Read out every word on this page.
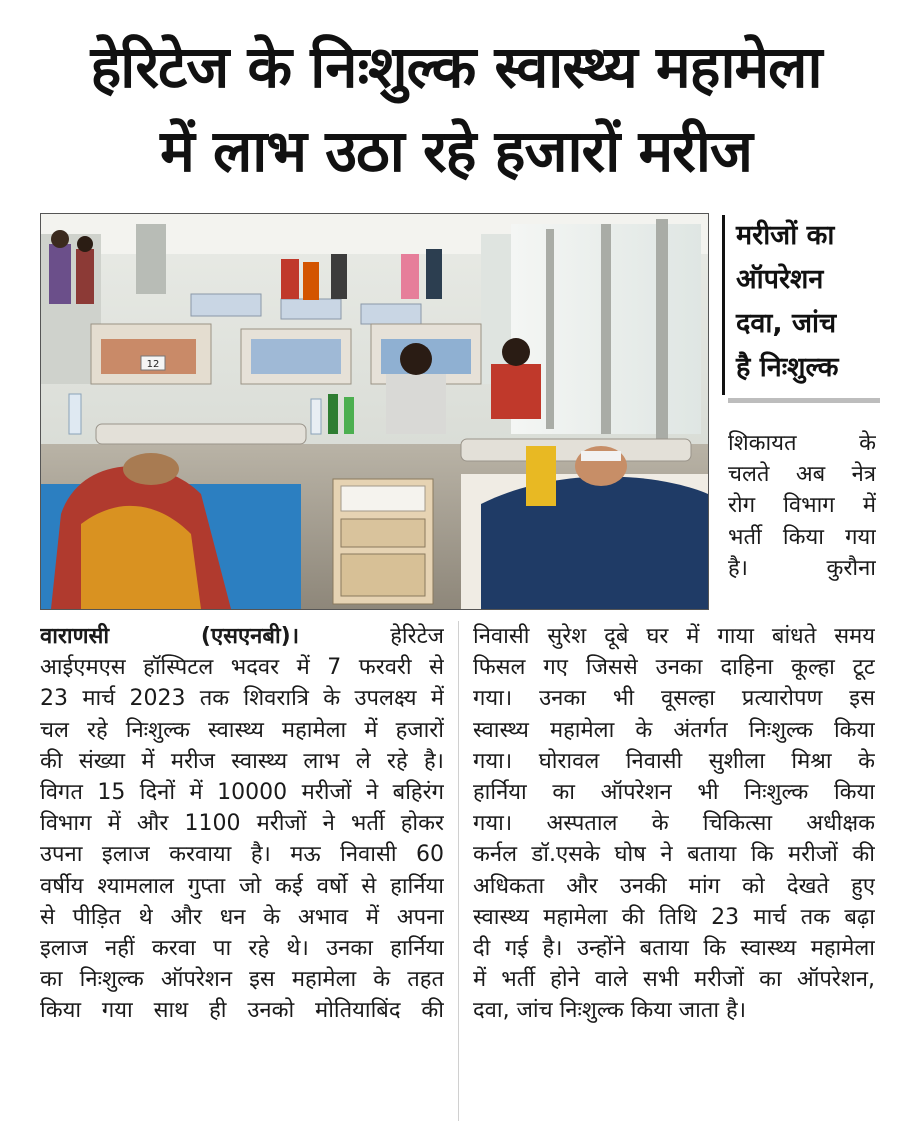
हेरिटेज के निःशुल्क स्वास्थ्य महामेला
में लाभ उठा रहे हजारों मरीज
12
मरीजों का
ऑपरेशन
दवा, जांच
है निःशुल्क
शिकायत के
चलते अब नेत्र
रोग विभाग में
भर्ती किया गया
है। कुरौना
वाराणसी (एसएनबी)।	हेरिटेज
आईएमएस हॉस्पिटल भदवर में 7 फरवरी से
23 मार्च 2023 तक शिवरात्रि के उपलक्ष्य में
चल रहे निःशुल्क स्वास्थ्य महामेला में हजारों
की संख्या में मरीज स्वास्थ्य लाभ ले रहे है।
विगत 15 दिनों में 10000 मरीजों ने बहिरंग
विभाग में और 1100 मरीजों ने भर्ती होकर
उपना इलाज करवाया है। मऊ निवासी 60
वर्षीय श्यामलाल गुप्ता जो कई वर्षो से हार्निया
से पीड़ित थे और धन के अभाव में अपना
इलाज नहीं करवा पा रहे थे। उनका हार्निया
का निःशुल्क ऑपरेशन इस महामेला के तहत
किया गया साथ ही उनको मोतियाबिंद की
निवासी सुरेश दूबे घर में गाया बांधते समय
फिसल गए जिससे उनका दाहिना कूल्हा टूट
गया। उनका भी वूसल्हा प्रत्यारोपण इस
स्वास्थ्य महामेला के अंतर्गत निःशुल्क किया
गया। घोरावल निवासी सुशीला मिश्रा के
हार्निया का ऑपरेशन भी निःशुल्क किया
गया। अस्पताल के चिकित्सा अधीक्षक
कर्नल डॉ.एसके घोष ने बताया कि मरीजों की
अधिकता और उनकी मांग को देखते हुए
स्वास्थ्य महामेला की तिथि 23 मार्च तक बढ़ा
दी गई है। उन्होंने बताया कि स्वास्थ्य महामेला
में भर्ती होने वाले सभी मरीजों का ऑपरेशन,
दवा, जांच निःशुल्क किया जाता है।
